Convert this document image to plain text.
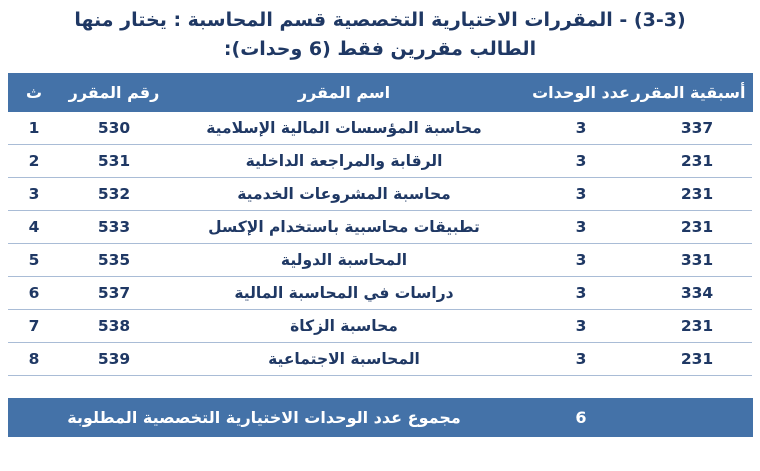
(3-3) - المقررات الاختيارية التخصصية قسم المحاسبة : يختار منها
الطالب مقررين فقط (6 وحدات):
أسبقية المقرر	عدد الوحدات	اسم المقرر	رقم المقرر	ث
337	3	محاسبة المؤسسات المالية الإسلامية	530	1
231	3	الرقابة والمراجعة الداخلية	531	2
231	3	محاسبة المشروعات الخدمية	532	3
231	3	تطبيقات محاسبية باستخدام الإكسل	533	4
331	3	المحاسبة الدولية	535	5
334	3	دراسات في المحاسبة المالية	537	6
231	3	محاسبة الزكاة	538	7
231	3	المحاسبة الاجتماعية	539	8

	6	مجموع عدد الوحدات الاختيارية التخصصية المطلوبة		
